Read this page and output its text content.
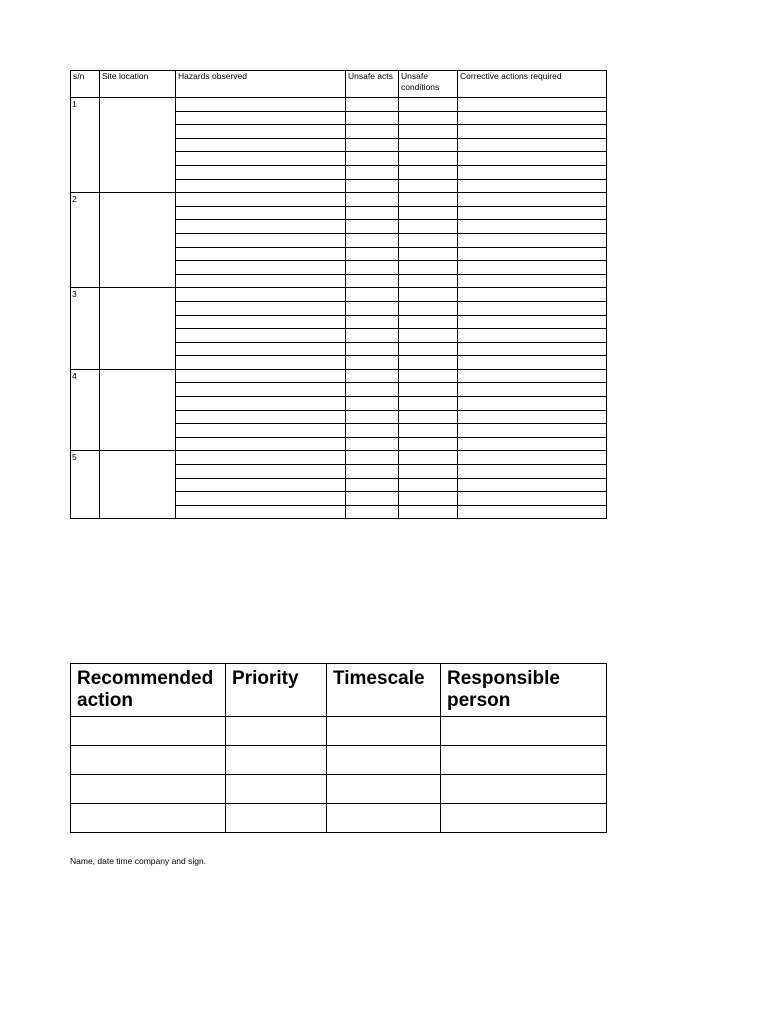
s/n	Site location	Hazards observed	Unsafe acts	Unsafe conditions	Corrective actions required
1					

2					

3					

4					

5					

Recommended action	Priority	Timescale	Responsible person

Name, date time company and sign.
